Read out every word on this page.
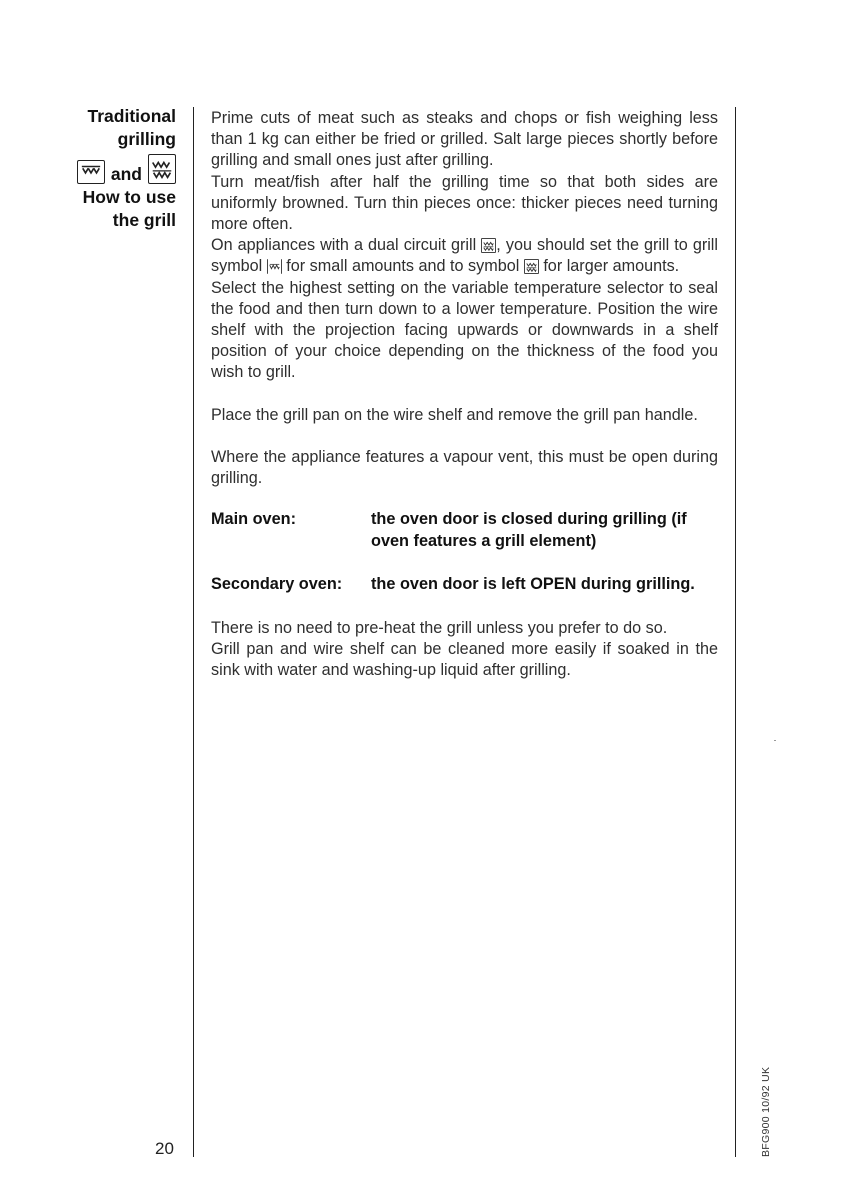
Traditional
grilling
and
How to use
the grill

Prime cuts of meat such as steaks and chops or fish weighing less than 1 kg can either be fried or grilled. Salt large pieces shortly before grilling and small ones just after grilling.

Turn meat/fish after half the grilling time so that both sides are uniformly browned. Turn thin pieces once: thicker pieces need turning more often.

On appliances with a dual circuit grill , you should set the grill to grill symbol for small amounts and to symbol for larger amounts.

Select the highest setting on the variable temperature selector to seal the food and then turn down to a lower temperature. Position the wire shelf with the projection facing upwards or downwards in a shelf position of your choice depending on the thickness of the food you wish to grill.

Place the grill pan on the wire shelf and remove the grill pan handle.

Where the appliance features a vapour vent, this must be open during grilling.

Main oven:	the oven door is closed during grilling (if oven features a grill element)
Secondary oven:	the oven door is left OPEN during grilling.

There is no need to pre-heat the grill unless you prefer to do so.

Grill pan and wire shelf can be cleaned more easily if soaked in the sink with water and washing-up liquid after grilling.

20	BFG900 10/92 UK
